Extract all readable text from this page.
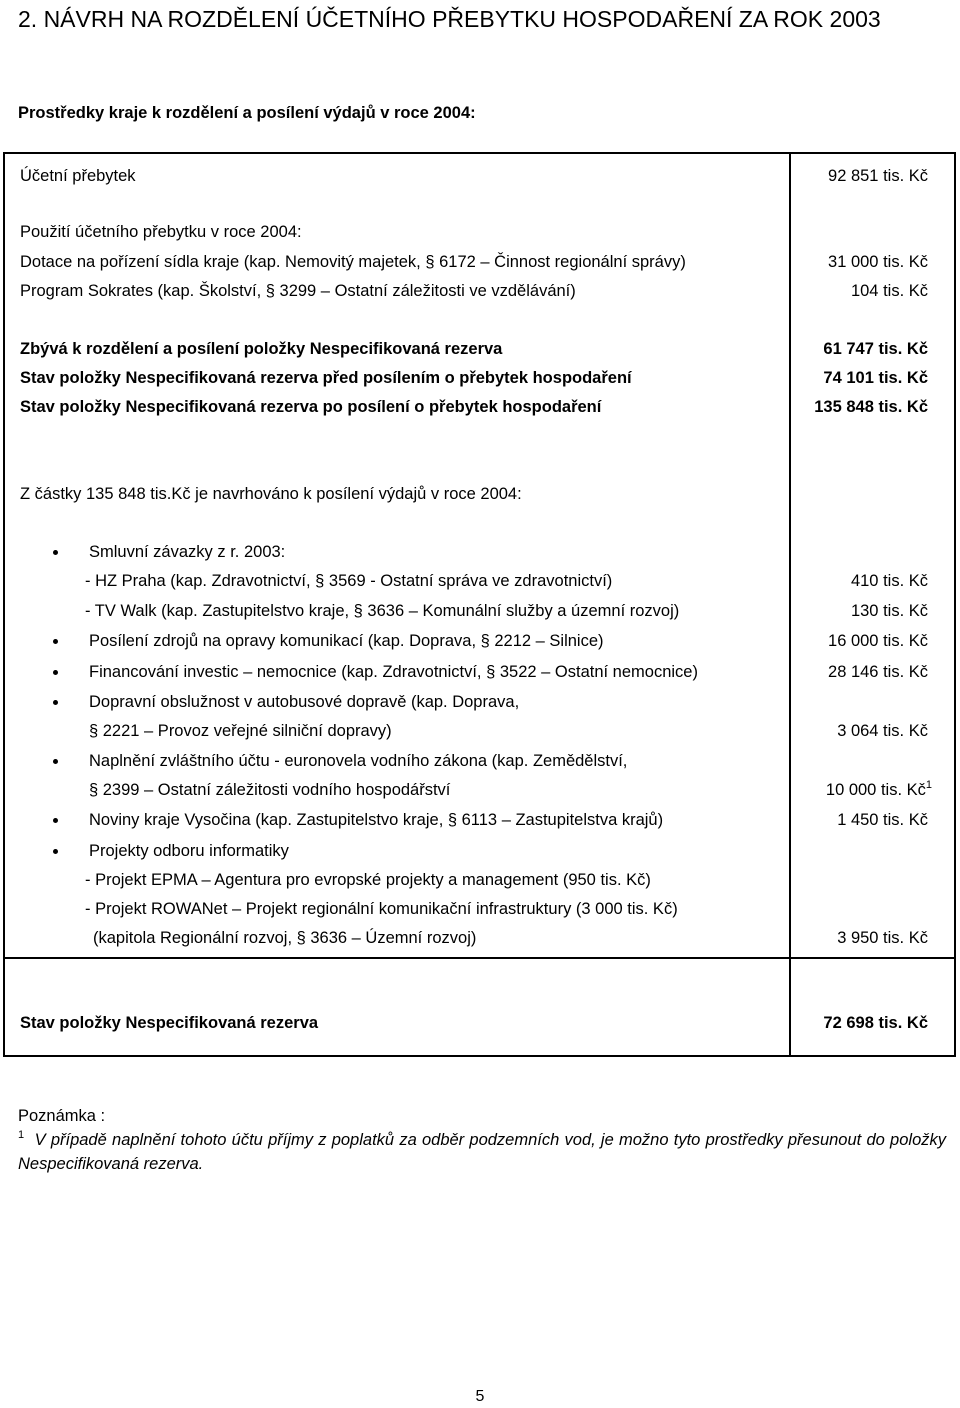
2. NÁVRH NA ROZDĚLENÍ ÚČETNÍHO PŘEBYTKU HOSPODAŘENÍ ZA ROK 2003
Prostředky kraje k rozdělení a posílení výdajů v roce 2004:
Účetní přebytek	92 851 tis. Kč
Použití účetního přebytku v roce 2004:
Dotace na pořízení sídla kraje (kap. Nemovitý majetek, § 6172 – Činnost regionální správy)	31 000 tis. Kč
Program Sokrates (kap. Školství, § 3299 – Ostatní záležitosti ve vzdělávání)	104 tis. Kč
Zbývá k rozdělení a posílení položky Nespecifikovaná rezerva	61 747 tis. Kč
Stav položky Nespecifikovaná rezerva před posílením o přebytek hospodaření	74 101 tis. Kč
Stav položky Nespecifikovaná rezerva po posílení o přebytek hospodaření	135 848 tis. Kč
Z částky 135 848 tis.Kč je navrhováno k posílení výdajů v roce 2004:
Smluvní závazky z r. 2003:
- HZ Praha (kap. Zdravotnictví, § 3569 - Ostatní správa ve zdravotnictví)	410 tis. Kč
- TV Walk (kap. Zastupitelstvo kraje, § 3636 – Komunální služby a územní rozvoj)	130 tis. Kč
Posílení zdrojů na opravy komunikací (kap. Doprava, § 2212 – Silnice)	16 000 tis. Kč
Financování investic – nemocnice (kap. Zdravotnictví, § 3522 – Ostatní nemocnice)	28 146 tis. Kč
Dopravní obslužnost v autobusové dopravě (kap. Doprava,
§ 2221 – Provoz veřejné silniční dopravy)	3 064 tis. Kč
Naplnění zvláštního účtu - euronovela vodního zákona (kap. Zemědělství,
§ 2399 – Ostatní záležitosti vodního hospodářství	10 000 tis. $Kč^1$
Noviny kraje Vysočina (kap. Zastupitelstvo kraje, § 6113 – Zastupitelstva krajů)	1 450 tis. Kč
Projekty odboru informatiky
- Projekt EPMA – Agentura pro evropské projekty a management (950 tis. Kč)
- Projekt ROWANet – Projekt regionální komunikační infrastruktury (3 000 tis. Kč)
(kapitola Regionální rozvoj, § 3636 – Územní rozvoj)	3 950 tis. Kč
Stav položky Nespecifikovaná rezerva	72 698 tis. Kč
Poznámka :
$^1$ V případě naplnění tohoto účtu příjmy z poplatků za odběr podzemních vod, je možno tyto prostředky přesunout do položky Nespecifikovaná rezerva.
5
